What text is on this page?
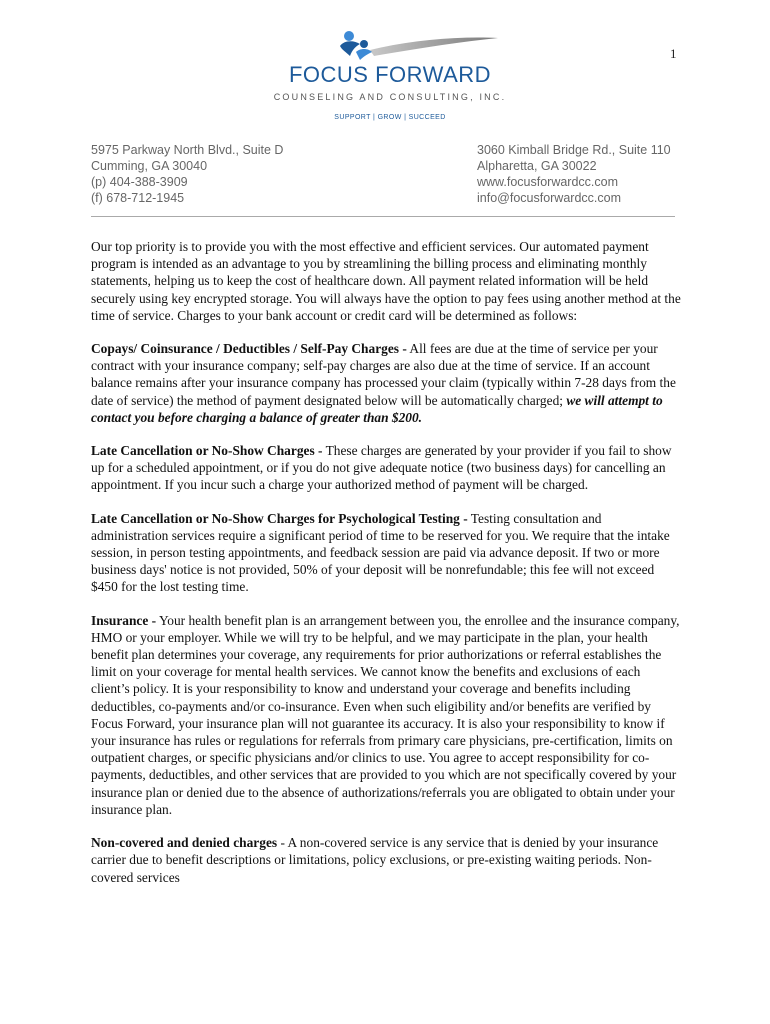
1
FOCUS FORWARD
COUNSELING AND CONSULTING, INC.
SUPPORT | GROW | SUCCEED
5975 Parkway North Blvd., Suite D
Cumming, GA 30040
(p) 404-388-3909
(f) 678-712-1945
3060 Kimball Bridge Rd., Suite 110
Alpharetta, GA 30022
www.focusforwardcc.com
info@focusforwardcc.com

Our top priority is to provide you with the most effective and efficient services. Our automated payment program is intended as an advantage to you by streamlining the billing process and eliminating monthly statements, helping us to keep the cost of healthcare down. All payment related information will be held securely using key encrypted storage. You will always have the option to pay fees using another method at the time of service. Charges to your bank account or credit card will be determined as follows:

Copays/ Coinsurance / Deductibles / Self-Pay Charges - All fees are due at the time of service per your contract with your insurance company; self-pay charges are also due at the time of service. If an account balance remains after your insurance company has processed your claim (typically within 7-28 days from the date of service) the method of payment designated below will be automatically charged; we will attempt to contact you before charging a balance of greater than $200.

Late Cancellation or No-Show Charges - These charges are generated by your provider if you fail to show up for a scheduled appointment, or if you do not give adequate notice (two business days) for cancelling an appointment. If you incur such a charge your authorized method of payment will be charged.

Late Cancellation or No-Show Charges for Psychological Testing - Testing consultation and administration services require a significant period of time to be reserved for you. We require that the intake session, in person testing appointments, and feedback session are paid via advance deposit. If two or more business days' notice is not provided, 50% of your deposit will be nonrefundable; this fee will not exceed $450 for the lost testing time.

Insurance - Your health benefit plan is an arrangement between you, the enrollee and the insurance company, HMO or your employer. While we will try to be helpful, and we may participate in the plan, your health benefit plan determines your coverage, any requirements for prior authorizations or referral establishes the limit on your coverage for mental health services. We cannot know the benefits and exclusions of each client’s policy. It is your responsibility to know and understand your coverage and benefits including deductibles, co-payments and/or co-insurance. Even when such eligibility and/or benefits are verified by Focus Forward, your insurance plan will not guarantee its accuracy. It is also your responsibility to know if your insurance has rules or regulations for referrals from primary care physicians, pre-certification, limits on outpatient charges, or specific physicians and/or clinics to use. You agree to accept responsibility for co-payments, deductibles, and other services that are provided to you which are not specifically covered by your insurance plan or denied due to the absence of authorizations/referrals you are obligated to obtain under your insurance plan.

Non-covered and denied charges - A non-covered service is any service that is denied by your insurance carrier due to benefit descriptions or limitations, policy exclusions, or pre-existing waiting periods. Non-covered services
